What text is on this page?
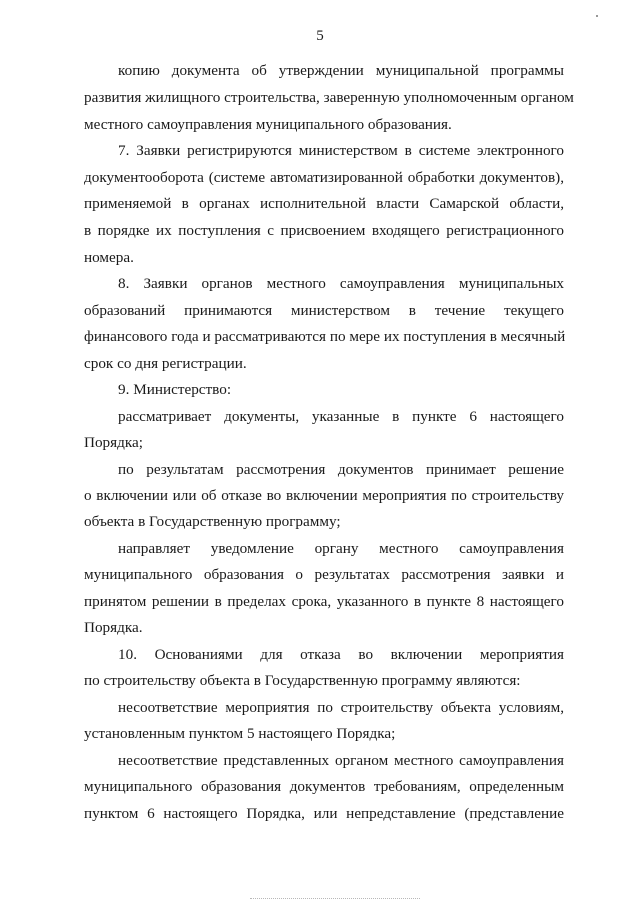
5
копию документа об утверждении муниципальной программы
развития жилищного строительства, заверенную уполномоченным органом
местного самоуправления муниципального образования.
7. Заявки регистрируются министерством в системе электронного
документооборота (системе автоматизированной обработки документов),
применяемой в органах исполнительной власти Самарской области,
в порядке их поступления с присвоением входящего регистрационного
номера.
8. Заявки органов местного самоуправления муниципальных
образований принимаются министерством в течение текущего
финансового года и рассматриваются по мере их поступления в месячный
срок со дня регистрации.
9. Министерство:
рассматривает документы, указанные в пункте 6 настоящего
Порядка;
по результатам рассмотрения документов принимает решение
о включении или об отказе во включении мероприятия по строительству
объекта в Государственную программу;
направляет уведомление органу местного самоуправления
муниципального образования о результатах рассмотрения заявки и
принятом решении в пределах срока, указанного в пункте 8 настоящего
Порядка.
10. Основаниями для отказа во включении мероприятия
по строительству объекта в Государственную программу являются:
несоответствие мероприятия по строительству объекта условиям,
установленным пунктом 5 настоящего Порядка;
несоответствие представленных органом местного самоуправления
муниципального образования документов требованиям, определенным
пунктом 6 настоящего Порядка, или непредставление (представление
